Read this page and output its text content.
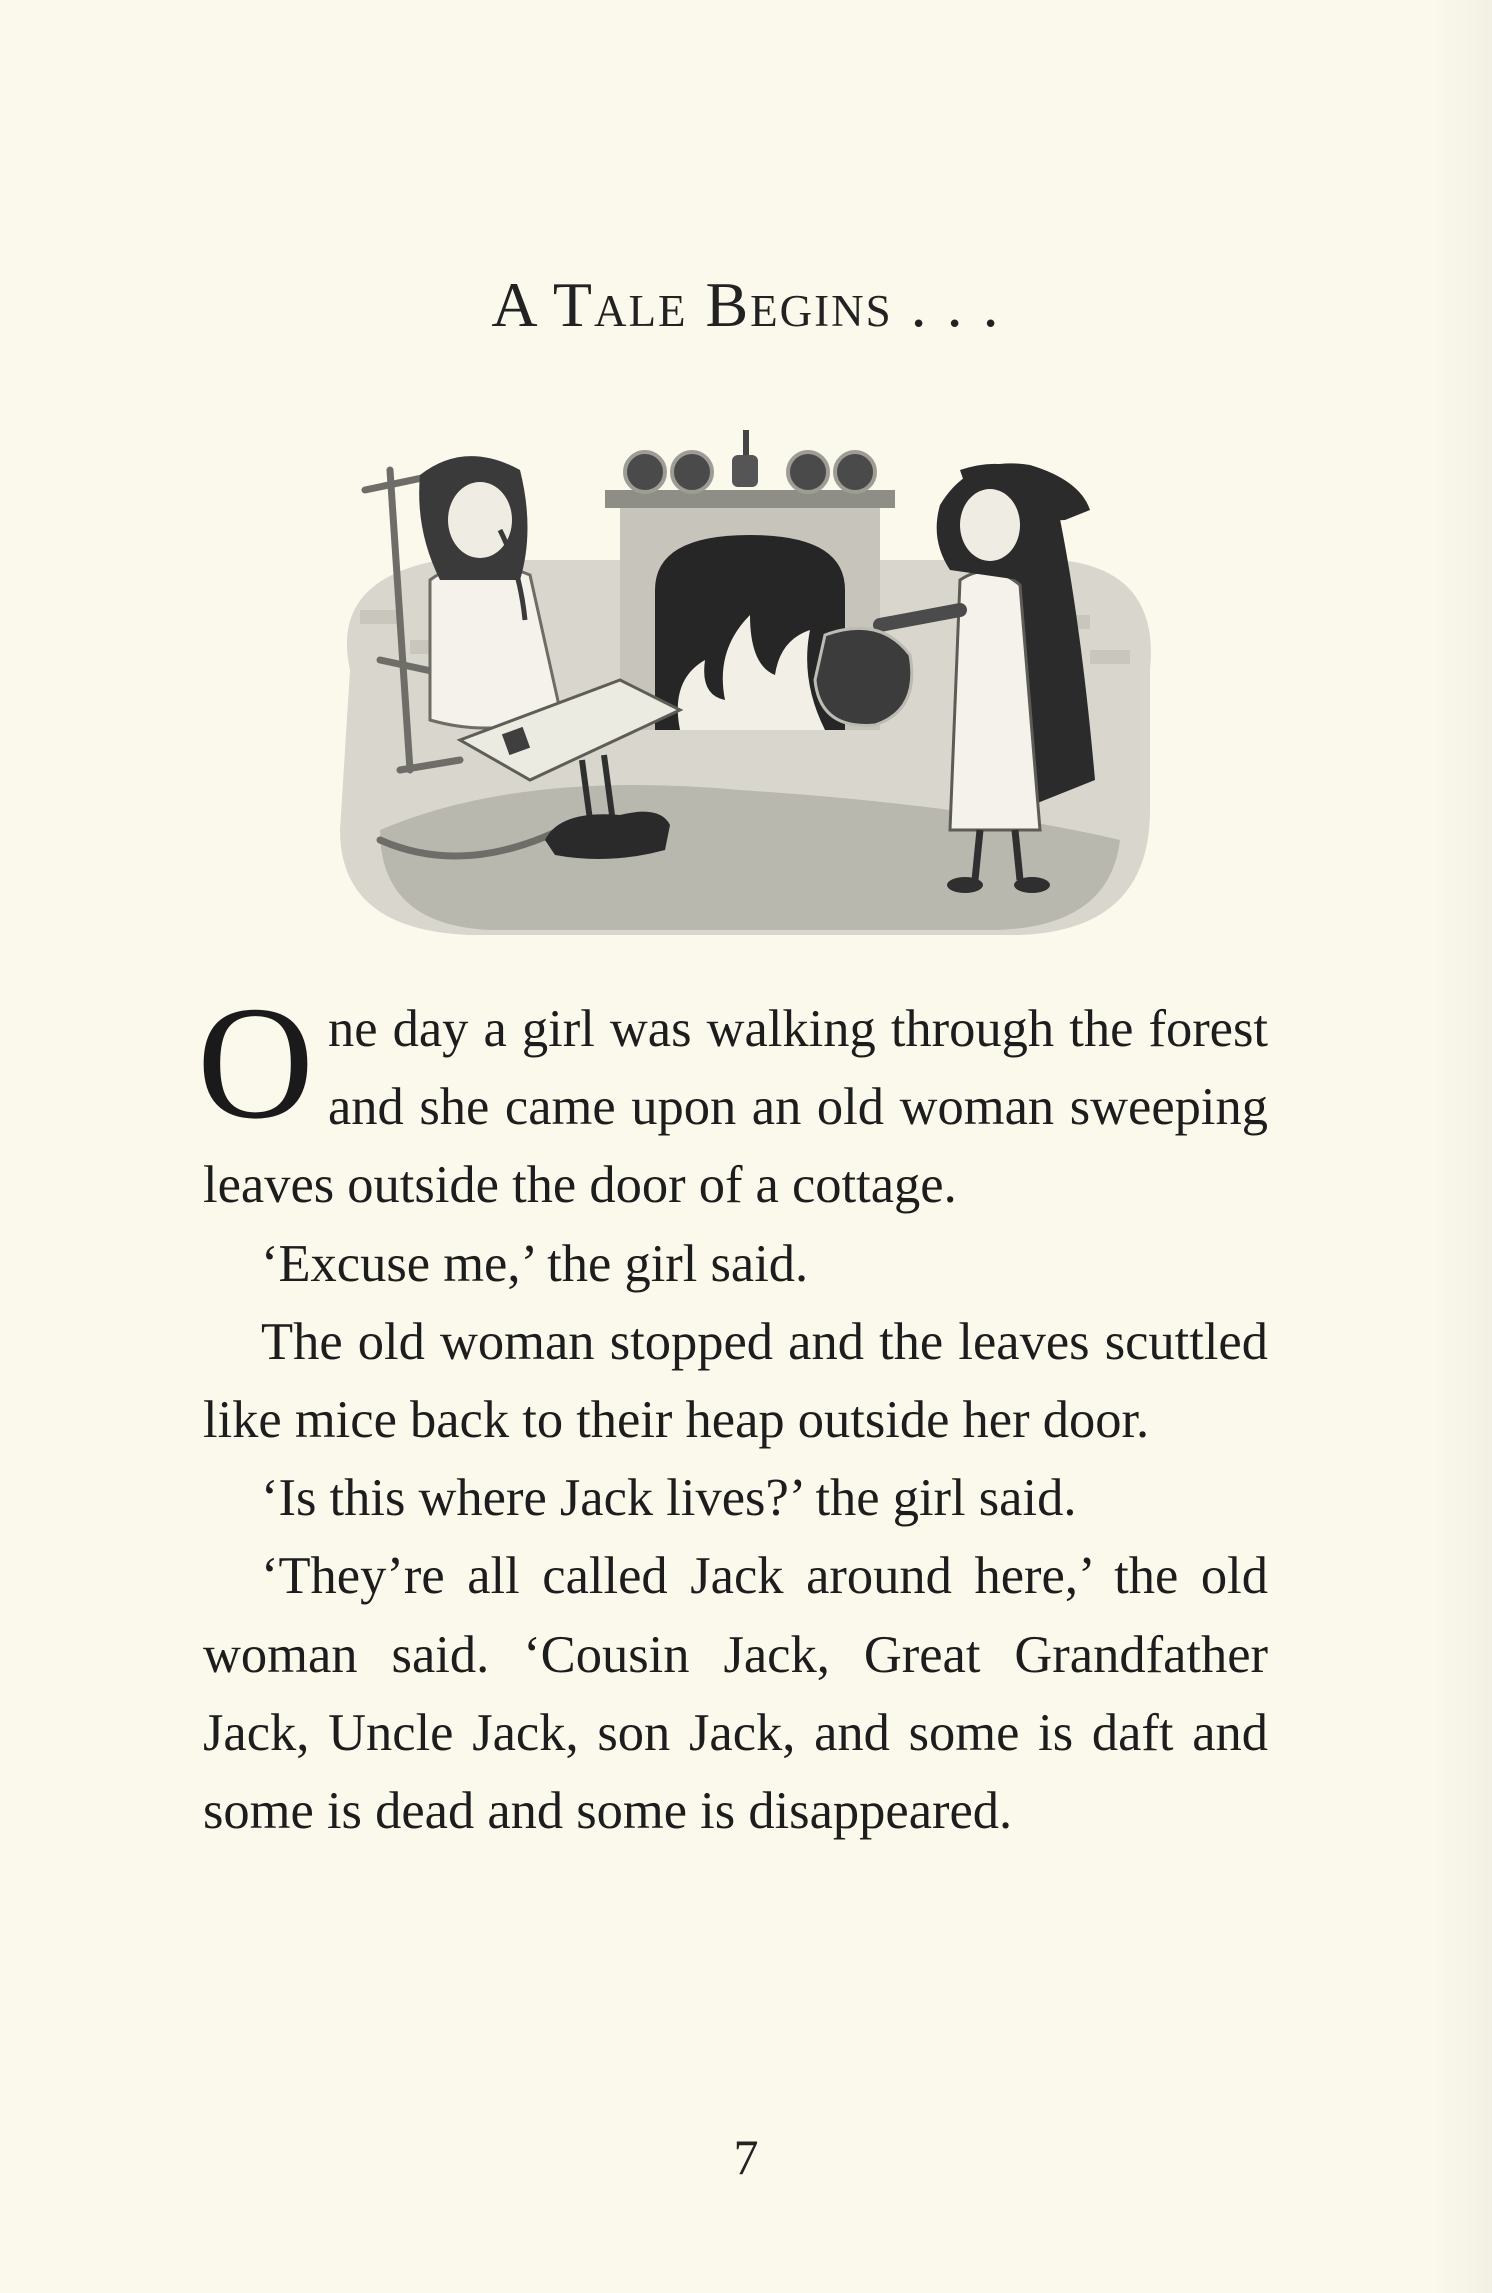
A Tale Begins . . .

One day a girl was walking through the forest and she came upon an old woman sweeping leaves outside the door of a cottage.

‘Excuse me,’ the girl said.

The old woman stopped and the leaves scuttled like mice back to their heap outside her door.

‘Is this where Jack lives?’ the girl said.

‘They’re all called Jack around here,’ the old woman said. ‘Cousin Jack, Great Grandfather Jack, Uncle Jack, son Jack, and some is daft and some is dead and some is disappeared.

7
